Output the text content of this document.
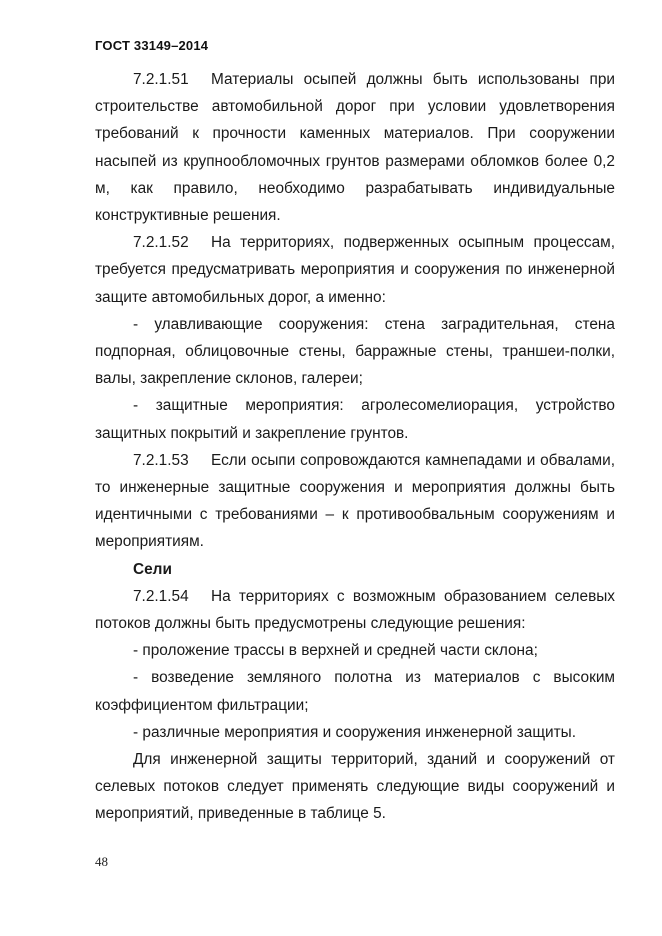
ГОСТ 33149–2014

7.2.1.51 Материалы осыпей должны быть использованы при строительстве автомобильной дорог при условии удовлетворения требований к прочности каменных материалов. При сооружении насыпей из крупнообломочных грунтов размерами обломков более 0,2 м, как правило, необходимо разрабатывать индивидуальные конструктивные решения.

7.2.1.52 На территориях, подверженных осыпным процессам, требуется предусматривать мероприятия и сооружения по инженерной защите автомобильных дорог, а именно:

- улавливающие сооружения: стена заградительная, стена подпорная, облицовочные стены, барражные стены, траншеи-полки, валы, закрепление склонов, галереи;

- защитные мероприятия: агролесомелиорация, устройство защитных покрытий и закрепление грунтов.

7.2.1.53 Если осыпи сопровождаются камнепадами и обвалами, то инженерные защитные сооружения и мероприятия должны быть идентичными с требованиями – к противообвальным сооружениям и мероприятиям.

Сели

7.2.1.54 На территориях с возможным образованием селевых потоков должны быть предусмотрены следующие решения:

- проложение трассы в верхней и средней части склона;

- возведение земляного полотна из материалов с высоким коэффициентом фильтрации;

- различные мероприятия и сооружения инженерной защиты.

Для инженерной защиты территорий, зданий и сооружений от селевых потоков следует применять следующие виды сооружений и мероприятий, приведенные в таблице 5.

48
